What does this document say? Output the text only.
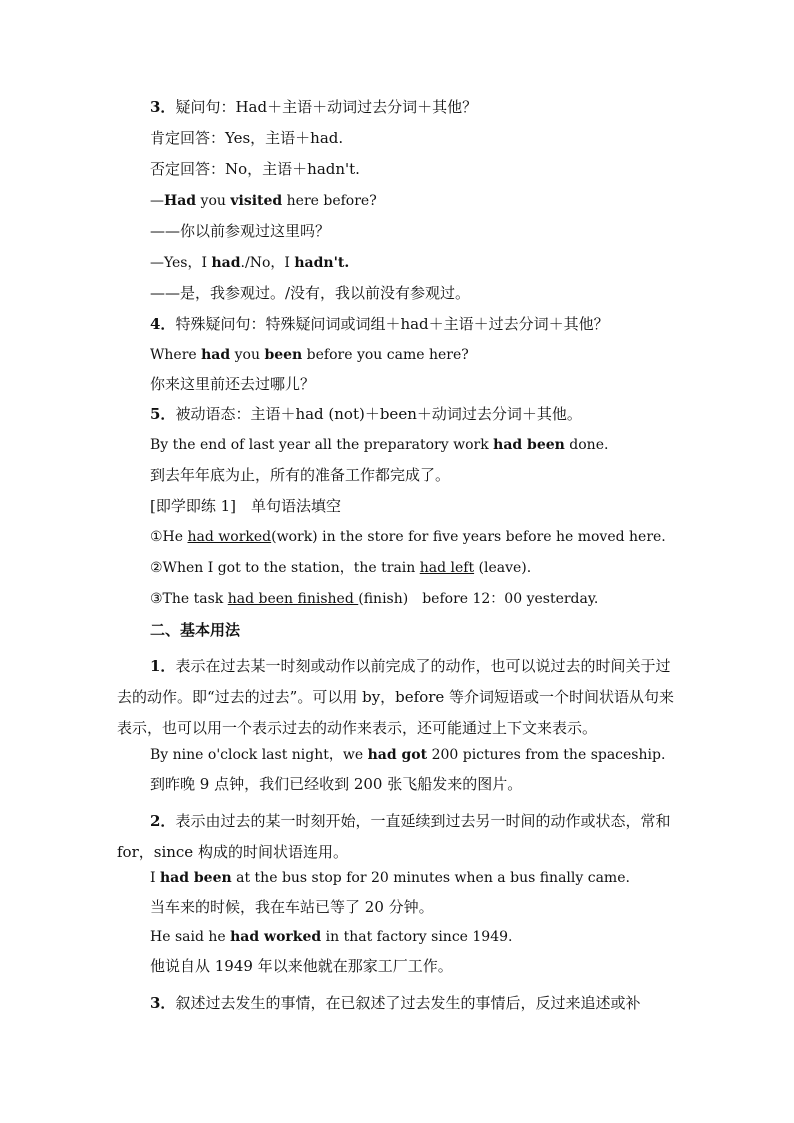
3．疑问句：Had＋主语＋动词过去分词＋其他？
肯定回答：Yes，主语＋had.
否定回答：No，主语＋hadn't.
—Had you visited here before?
——你以前参观过这里吗？
—Yes，I had./No，I hadn't.
——是，我参观过。/没有，我以前没有参观过。
4．特殊疑问句：特殊疑问词或词组＋had＋主语＋过去分词＋其他？
Where had you been before you came here?
你来这里前还去过哪儿？
5．被动语态：主语＋had (not)＋been＋动词过去分词＋其他。
By the end of last year all the preparatory work had been done.
到去年年底为止，所有的准备工作都完成了。
[即学即练 1]　单句语法填空
①He had worked(work) in the store for five years before he moved here.
②When I got to the station，the train had left (leave).
③The task had been finished (finish)　before 12：00 yesterday.
二、基本用法
1．表示在过去某一时刻或动作以前完成了的动作，也可以说过去的时间关于过去的动作。即“过去的过去”。可以用 by，before 等介词短语或一个时间状语从句来表示，也可以用一个表示过去的动作来表示，还可能通过上下文来表示。
By nine o'clock last night，we had got 200 pictures from the spaceship.
到昨晚 9 点钟，我们已经收到 200 张飞船发来的图片。
2．表示由过去的某一时刻开始，一直延续到过去另一时间的动作或状态，常和 for，since 构成的时间状语连用。
I had been at the bus stop for 20 minutes when a bus finally came.
当车来的时候，我在车站已等了 20 分钟。
He said he had worked in that factory since 1949.
他说自从 1949 年以来他就在那家工厂工作。
3．叙述过去发生的事情，在已叙述了过去发生的事情后，反过来追述或补
